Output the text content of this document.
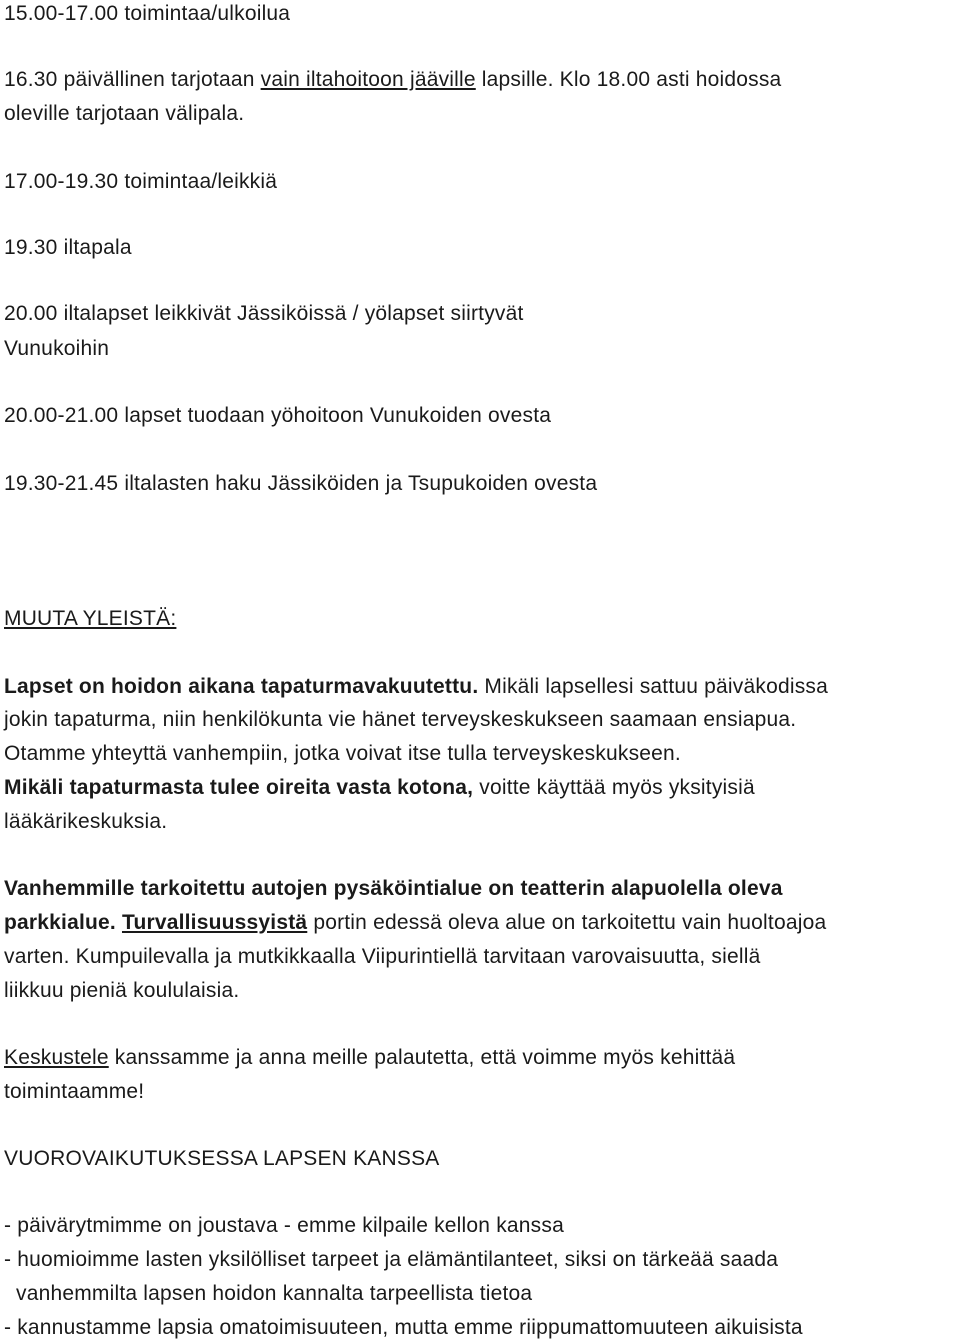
15.00-17.00 toimintaa/ulkoilua
16.30 päivällinen tarjotaan vain iltahoitoon jääville lapsille. Klo 18.00 asti hoidossa
oleville tarjotaan välipala.
17.00-19.30 toimintaa/leikkiä
19.30 iltapala
20.00 iltalapset leikkivät Jässiköissä / yölapset siirtyvät
Vunukoihin
20.00-21.00 lapset tuodaan yöhoitoon Vunukoiden ovesta
19.30-21.45 iltalasten haku Jässiköiden ja Tsupukoiden ovesta
MUUTA YLEISTÄ:
Lapset on hoidon aikana tapaturmavakuutettu. Mikäli lapsellesi sattuu päiväkodissa
jokin tapaturma, niin henkilökunta vie hänet terveyskeskukseen saamaan ensiapua.
Otamme yhteyttä vanhempiin, jotka voivat itse tulla terveyskeskukseen.
Mikäli tapaturmasta tulee oireita vasta kotona, voitte käyttää myös yksityisiä
lääkärikeskuksia.
Vanhemmille tarkoitettu autojen pysäköintialue on teatterin alapuolella oleva
parkkialue. Turvallisuussyistä portin edessä oleva alue on tarkoitettu vain huoltoajoa
varten. Kumpuilevalla ja mutkikkaalla Viipurintiellä tarvitaan varovaisuutta, siellä
liikkuu pieniä koululaisia.
Keskustele kanssamme ja anna meille palautetta, että voimme myös kehittää
toimintaamme!
VUOROVAIKUTUKSESSA LAPSEN KANSSA
- päivärytmimme on joustava - emme kilpaile kellon kanssa
- huomioimme lasten yksilölliset tarpeet ja elämäntilanteet, siksi on tärkeää saada
vanhemmilta lapsen hoidon kannalta tarpeellista tietoa
- kannustamme lapsia omatoimisuuteen, mutta emme riippumattomuuteen aikuisista
